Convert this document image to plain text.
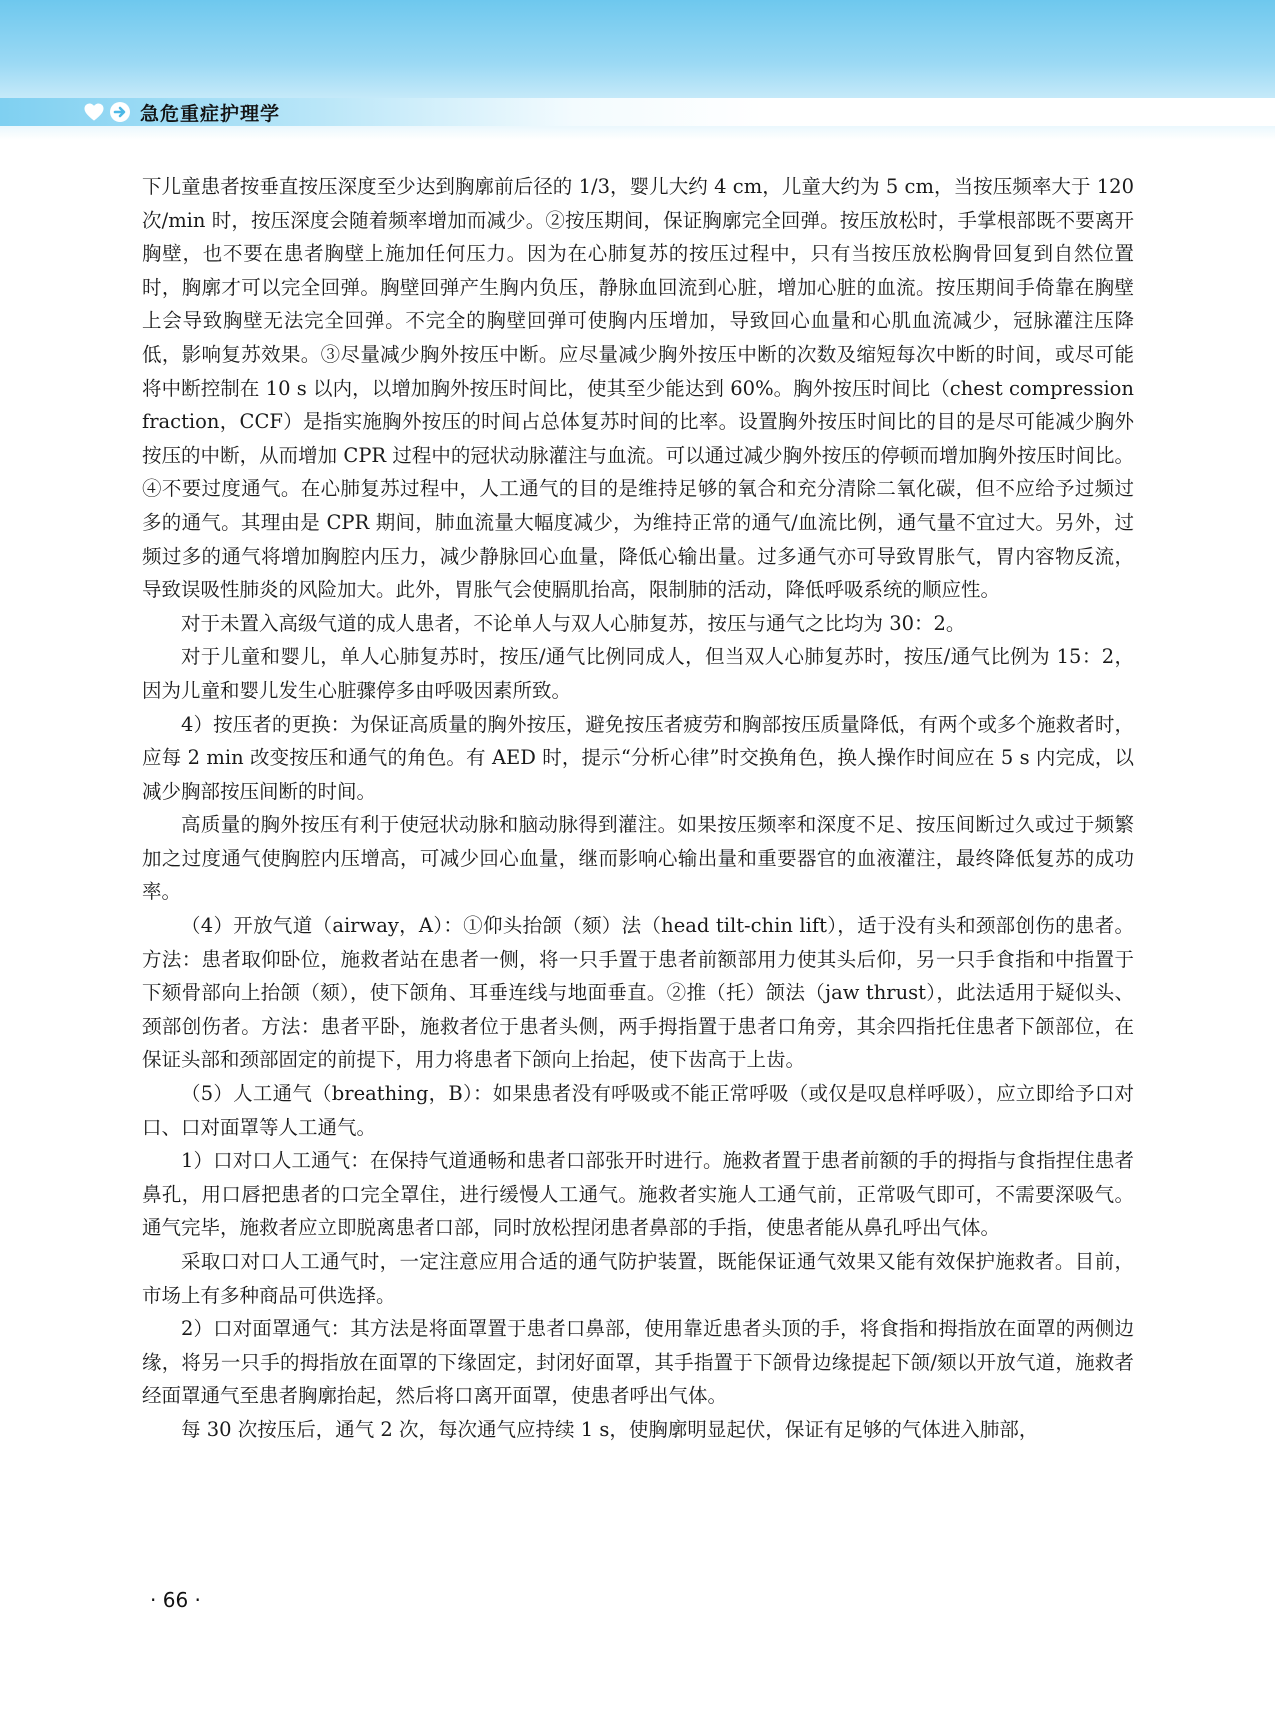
急危重症护理学

下儿童患者按垂直按压深度至少达到胸廓前后径的 1/3，婴儿大约 4 cm，儿童大约为 5 cm，当按压频率大于 120 次/min 时，按压深度会随着频率增加而减少。②按压期间，保证胸廓完全回弹。按压放松时，手掌根部既不要离开胸壁，也不要在患者胸壁上施加任何压力。因为在心肺复苏的按压过程中，只有当按压放松胸骨回复到自然位置时，胸廓才可以完全回弹。胸壁回弹产生胸内负压，静脉血回流到心脏，增加心脏的血流。按压期间手倚靠在胸壁上会导致胸壁无法完全回弹。不完全的胸壁回弹可使胸内压增加，导致回心血量和心肌血流减少，冠脉灌注压降低，影响复苏效果。③尽量减少胸外按压中断。应尽量减少胸外按压中断的次数及缩短每次中断的时间，或尽可能将中断控制在 10 s 以内，以增加胸外按压时间比，使其至少能达到 60%。胸外按压时间比（chest compression fraction，CCF）是指实施胸外按压的时间占总体复苏时间的比率。设置胸外按压时间比的目的是尽可能减少胸外按压的中断，从而增加 CPR 过程中的冠状动脉灌注与血流。可以通过减少胸外按压的停顿而增加胸外按压时间比。④不要过度通气。在心肺复苏过程中，人工通气的目的是维持足够的氧合和充分清除二氧化碳，但不应给予过频过多的通气。其理由是 CPR 期间，肺血流量大幅度减少，为维持正常的通气/血流比例，通气量不宜过大。另外，过频过多的通气将增加胸腔内压力，减少静脉回心血量，降低心输出量。过多通气亦可导致胃胀气，胃内容物反流，导致误吸性肺炎的风险加大。此外，胃胀气会使膈肌抬高，限制肺的活动，降低呼吸系统的顺应性。

对于未置入高级气道的成人患者，不论单人与双人心肺复苏，按压与通气之比均为 30：2。

对于儿童和婴儿，单人心肺复苏时，按压/通气比例同成人，但当双人心肺复苏时，按压/通气比例为 15：2，因为儿童和婴儿发生心脏骤停多由呼吸因素所致。

4）按压者的更换：为保证高质量的胸外按压，避免按压者疲劳和胸部按压质量降低，有两个或多个施救者时，应每 2 min 改变按压和通气的角色。有 AED 时，提示“分析心律”时交换角色，换人操作时间应在 5 s 内完成，以减少胸部按压间断的时间。

高质量的胸外按压有利于使冠状动脉和脑动脉得到灌注。如果按压频率和深度不足、按压间断过久或过于频繁加之过度通气使胸腔内压增高，可减少回心血量，继而影响心输出量和重要器官的血液灌注，最终降低复苏的成功率。

（4）开放气道（airway，A）：①仰头抬颌（颏）法（head tilt-chin lift），适于没有头和颈部创伤的患者。方法：患者取仰卧位，施救者站在患者一侧，将一只手置于患者前额部用力使其头后仰，另一只手食指和中指置于下颏骨部向上抬颌（颏），使下颌角、耳垂连线与地面垂直。②推（托）颌法（jaw thrust），此法适用于疑似头、颈部创伤者。方法：患者平卧，施救者位于患者头侧，两手拇指置于患者口角旁，其余四指托住患者下颌部位，在保证头部和颈部固定的前提下，用力将患者下颌向上抬起，使下齿高于上齿。

（5）人工通气（breathing，B）：如果患者没有呼吸或不能正常呼吸（或仅是叹息样呼吸），应立即给予口对口、口对面罩等人工通气。

1）口对口人工通气：在保持气道通畅和患者口部张开时进行。施救者置于患者前额的手的拇指与食指捏住患者鼻孔，用口唇把患者的口完全罩住，进行缓慢人工通气。施救者实施人工通气前，正常吸气即可，不需要深吸气。通气完毕，施救者应立即脱离患者口部，同时放松捏闭患者鼻部的手指，使患者能从鼻孔呼出气体。

采取口对口人工通气时，一定注意应用合适的通气防护装置，既能保证通气效果又能有效保护施救者。目前，市场上有多种商品可供选择。

2）口对面罩通气：其方法是将面罩置于患者口鼻部，使用靠近患者头顶的手，将食指和拇指放在面罩的两侧边缘，将另一只手的拇指放在面罩的下缘固定，封闭好面罩，其手指置于下颌骨边缘提起下颌/颏以开放气道，施救者经面罩通气至患者胸廓抬起，然后将口离开面罩，使患者呼出气体。

每 30 次按压后，通气 2 次，每次通气应持续 1 s，使胸廓明显起伏，保证有足够的气体进入肺部，

· 66 ·
